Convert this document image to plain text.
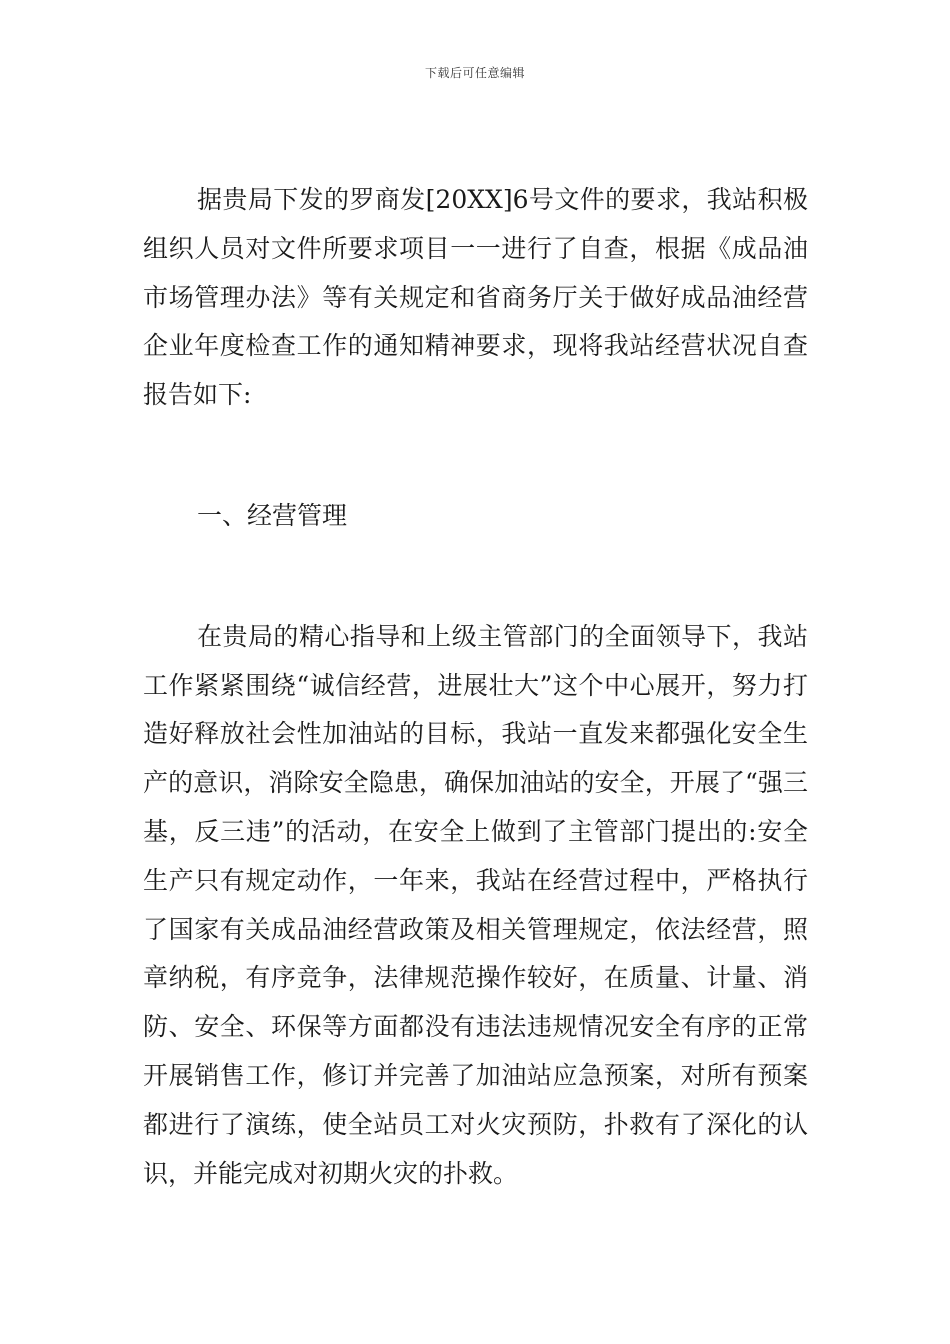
下载后可任意编辑

据贵局下发的罗商发[20XX]6号文件的要求，我站积极组织人员对文件所要求项目一一进行了自查，根据《成品油市场管理办法》等有关规定和省商务厅关于做好成品油经营企业年度检查工作的通知精神要求，现将我站经营状况自查报告如下:

一、经营管理

在贵局的精心指导和上级主管部门的全面领导下，我站工作紧紧围绕“诚信经营，进展壮大”这个中心展开，努力打造好释放社会性加油站的目标，我站一直发来都强化安全生产的意识，消除安全隐患，确保加油站的安全，开展了“强三基，反三违”的活动，在安全上做到了主管部门提出的:安全生产只有规定动作，一年来，我站在经营过程中，严格执行了国家有关成品油经营政策及相关管理规定，依法经营，照章纳税，有序竞争，法律规范操作较好，在质量、计量、消防、安全、环保等方面都没有违法违规情况安全有序的正常开展销售工作，修订并完善了加油站应急预案，对所有预案都进行了演练，使全站员工对火灾预防，扑救有了深化的认识，并能完成对初期火灾的扑救。
